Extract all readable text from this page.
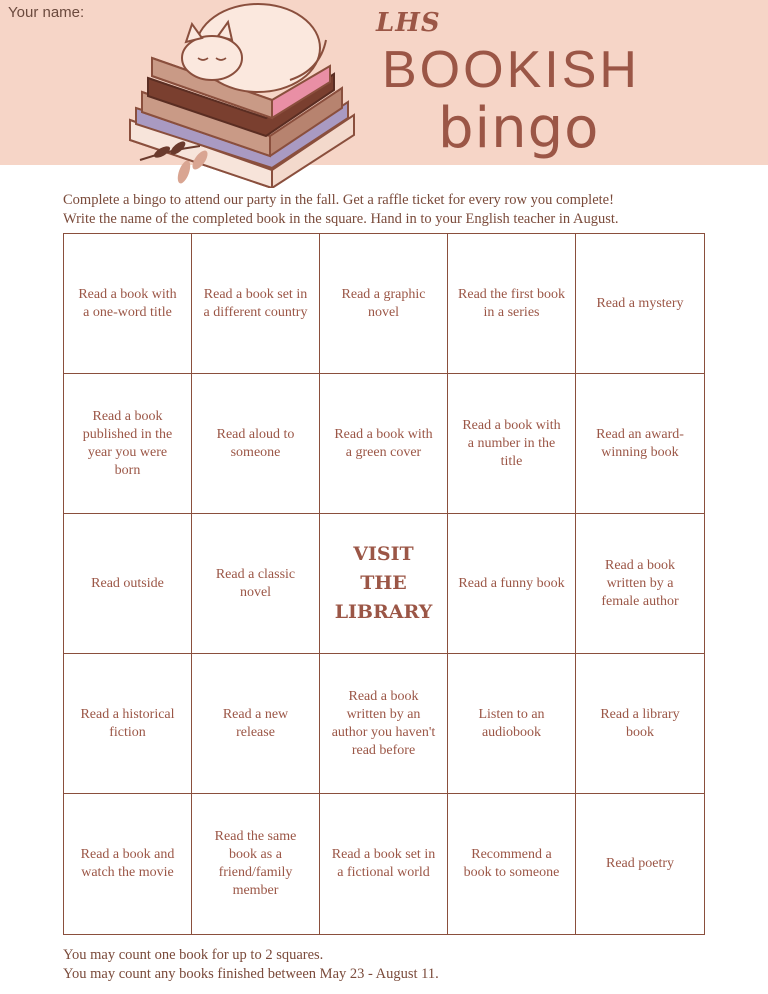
Your name:	LHS
BOOKISH
bingo
Complete a bingo to attend our party in the fall. Get a raffle ticket for every row you complete!
Write the name of the completed book in the square. Hand in to your English teacher in August.
Read a book with a one-word title
Read a book set in a different country
Read a graphic novel
Read the first book in a series
Read a mystery
Read a book published in the year you were born
Read aloud to someone
Read a book with a green cover
Read a book with a number in the title
Read an award-winning book
Read outside
Read a classic novel
VISIT THE LIBRARY
Read a funny book
Read a book written by a female author
Read a historical fiction
Read a new release
Read a book written by an author you haven't read before
Listen to an audiobook
Read a library book
Read a book and watch the movie
Read the same book as a friend/family member
Read a book set in a fictional world
Recommend a book to someone
Read poetry
You may count one book for up to 2 squares.
You may count any books finished between May 23 - August 11.
